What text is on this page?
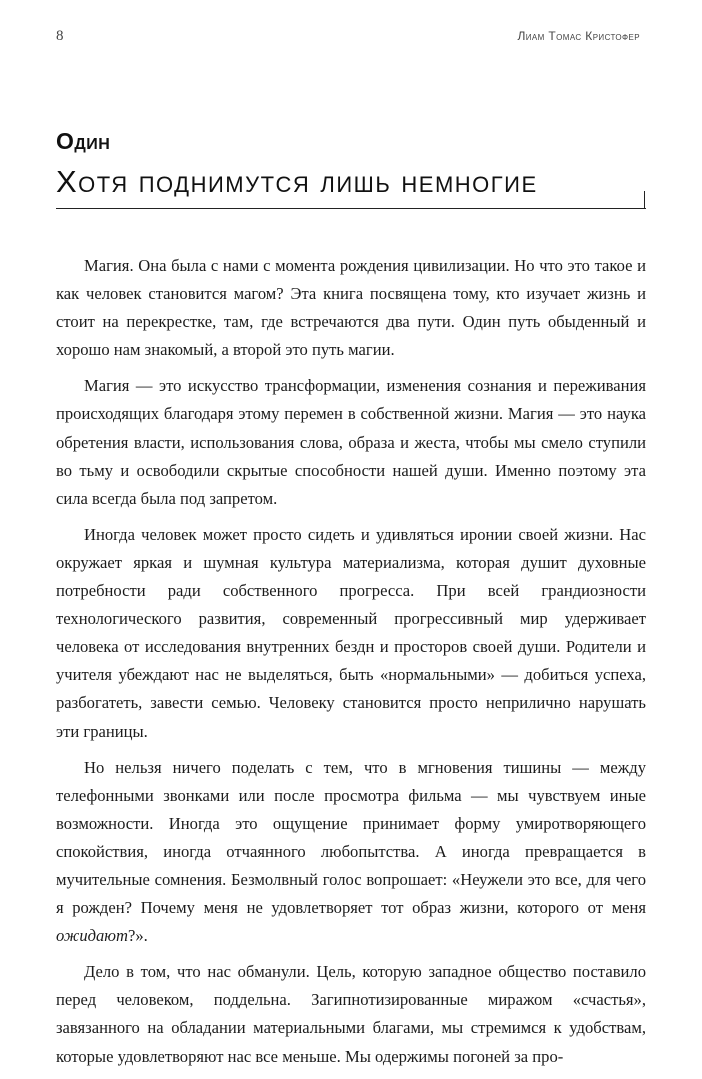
8	Лиам Томас Кристофер
Один
Хотя поднимутся лишь немногие

Магия. Она была с нами с момента рождения цивилизации. Но что это такое и как человек становится магом? Эта книга посвящена тому, кто изучает жизнь и стоит на перекрестке, там, где встречаются два пути. Один путь обыденный и хорошо нам знакомый, а второй это путь магии.

Магия — это искусство трансформации, изменения сознания и переживания происходящих благодаря этому перемен в собственной жизни. Магия — это наука обретения власти, использования слова, образа и жеста, чтобы мы смело ступили во тьму и освободили скрытые способности нашей души. Именно поэтому эта сила всегда была под запретом.

Иногда человек может просто сидеть и удивляться иронии своей жизни. Нас окружает яркая и шумная культура материализма, которая душит духовные потребности ради собственного прогресса. При всей грандиозности технологического развития, современный прогрессивный мир удерживает человека от исследования внутренних бездн и просторов своей души. Родители и учителя убеждают нас не выделяться, быть «нормальными» — добиться успеха, разбогатеть, завести семью. Человеку становится просто неприлично нарушать эти границы.

Но нельзя ничего поделать с тем, что в мгновения тишины — между телефонными звонками или после просмотра фильма — мы чувствуем иные возможности. Иногда это ощущение принимает форму умиротворяющего спокойствия, иногда отчаянного любопытства. А иногда превращается в мучительные сомнения. Безмолвный голос вопрошает: «Неужели это все, для чего я рожден? Почему меня не удовлетворяет тот образ жизни, которого от меня ожидают?».

Дело в том, что нас обманули. Цель, которую западное общество поставило перед человеком, поддельна. Загипнотизированные миражом «счастья», завязанного на обладании материальными благами, мы стремимся к удобствам, которые удовлетворяют нас все меньше. Мы одержимы погоней за про-
